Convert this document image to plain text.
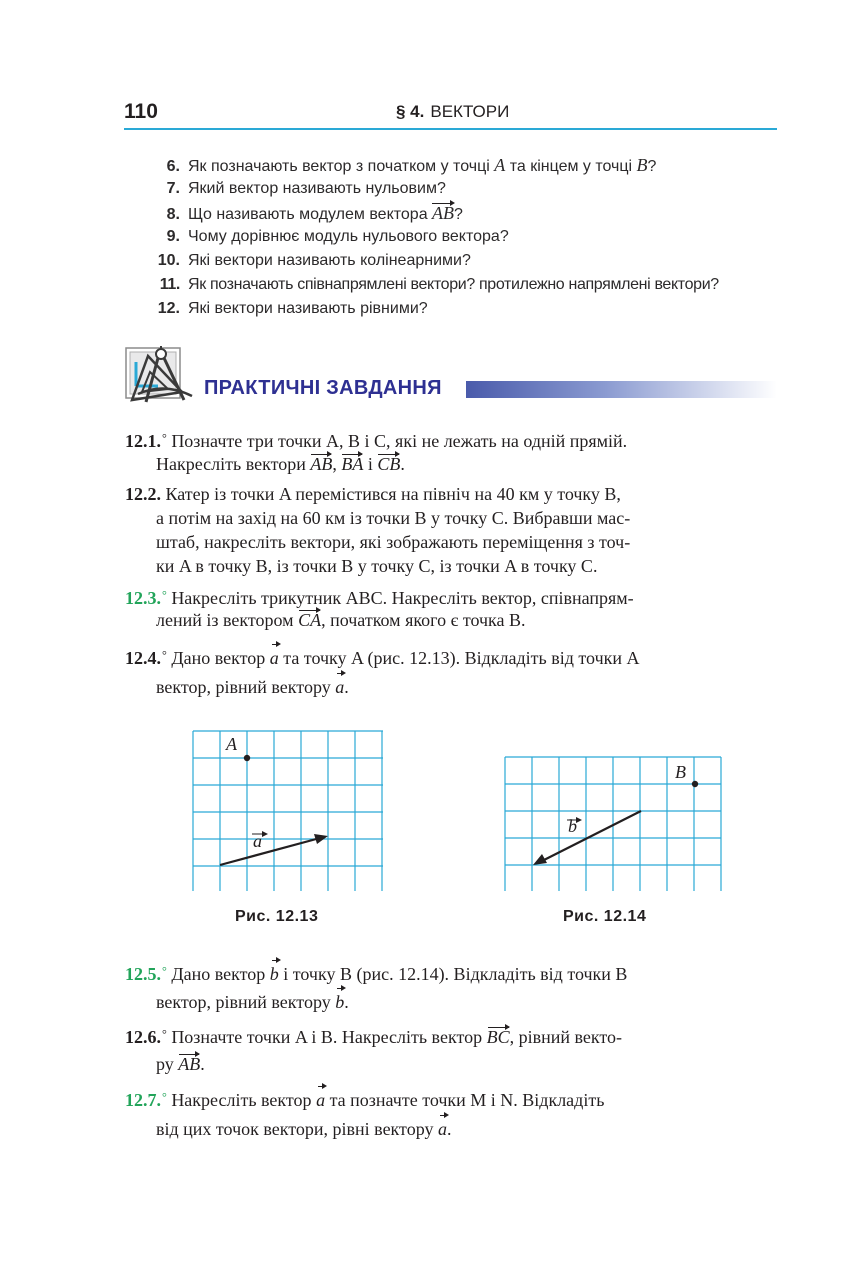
110	§ 4. ВЕКТОРИ
6. Як позначають вектор з початком у точці A та кінцем у точці B?
7. Який вектор називають нульовим?
8. Що називають модулем вектора AB?
9. Чому дорівнює модуль нульового вектора?
10. Які вектори називають колінеарними?
11. Як позначають співнапрямлені вектори? протилежно напрямлені вектори?
12. Які вектори називають рівними?
ПРАКТИЧНІ ЗАВДАННЯ
12.1.° Позначте три точки A, B і C, які не лежать на одній прямій.
Накресліть вектори AB, BA і CB.
12.2. Катер із точки A перемістився на північ на 40 км у точку B,
а потім на захід на 60 км із точки B у точку C. Вибравши мас-
штаб, накресліть вектори, які зображають переміщення з точ-
ки A в точку B, із точки B у точку C, із точки A в точку C.
12.3.° Накресліть трикутник ABC. Накресліть вектор, співнапрям-
лений із вектором CA, початком якого є точка B.
12.4.° Дано вектор a та точку A (рис. 12.13). Відкладіть від точки A
вектор, рівний вектору a.
A
a
Рис. 12.13
B
b
Рис. 12.14
12.5.° Дано вектор b і точку B (рис. 12.14). Відкладіть від точки B
вектор, рівний вектору b.
12.6.° Позначте точки A і B. Накресліть вектор BC, рівний векто-
ру AB.
12.7.° Накресліть вектор a та позначте точки M і N. Відкладіть
від цих точок вектори, рівні вектору a.
